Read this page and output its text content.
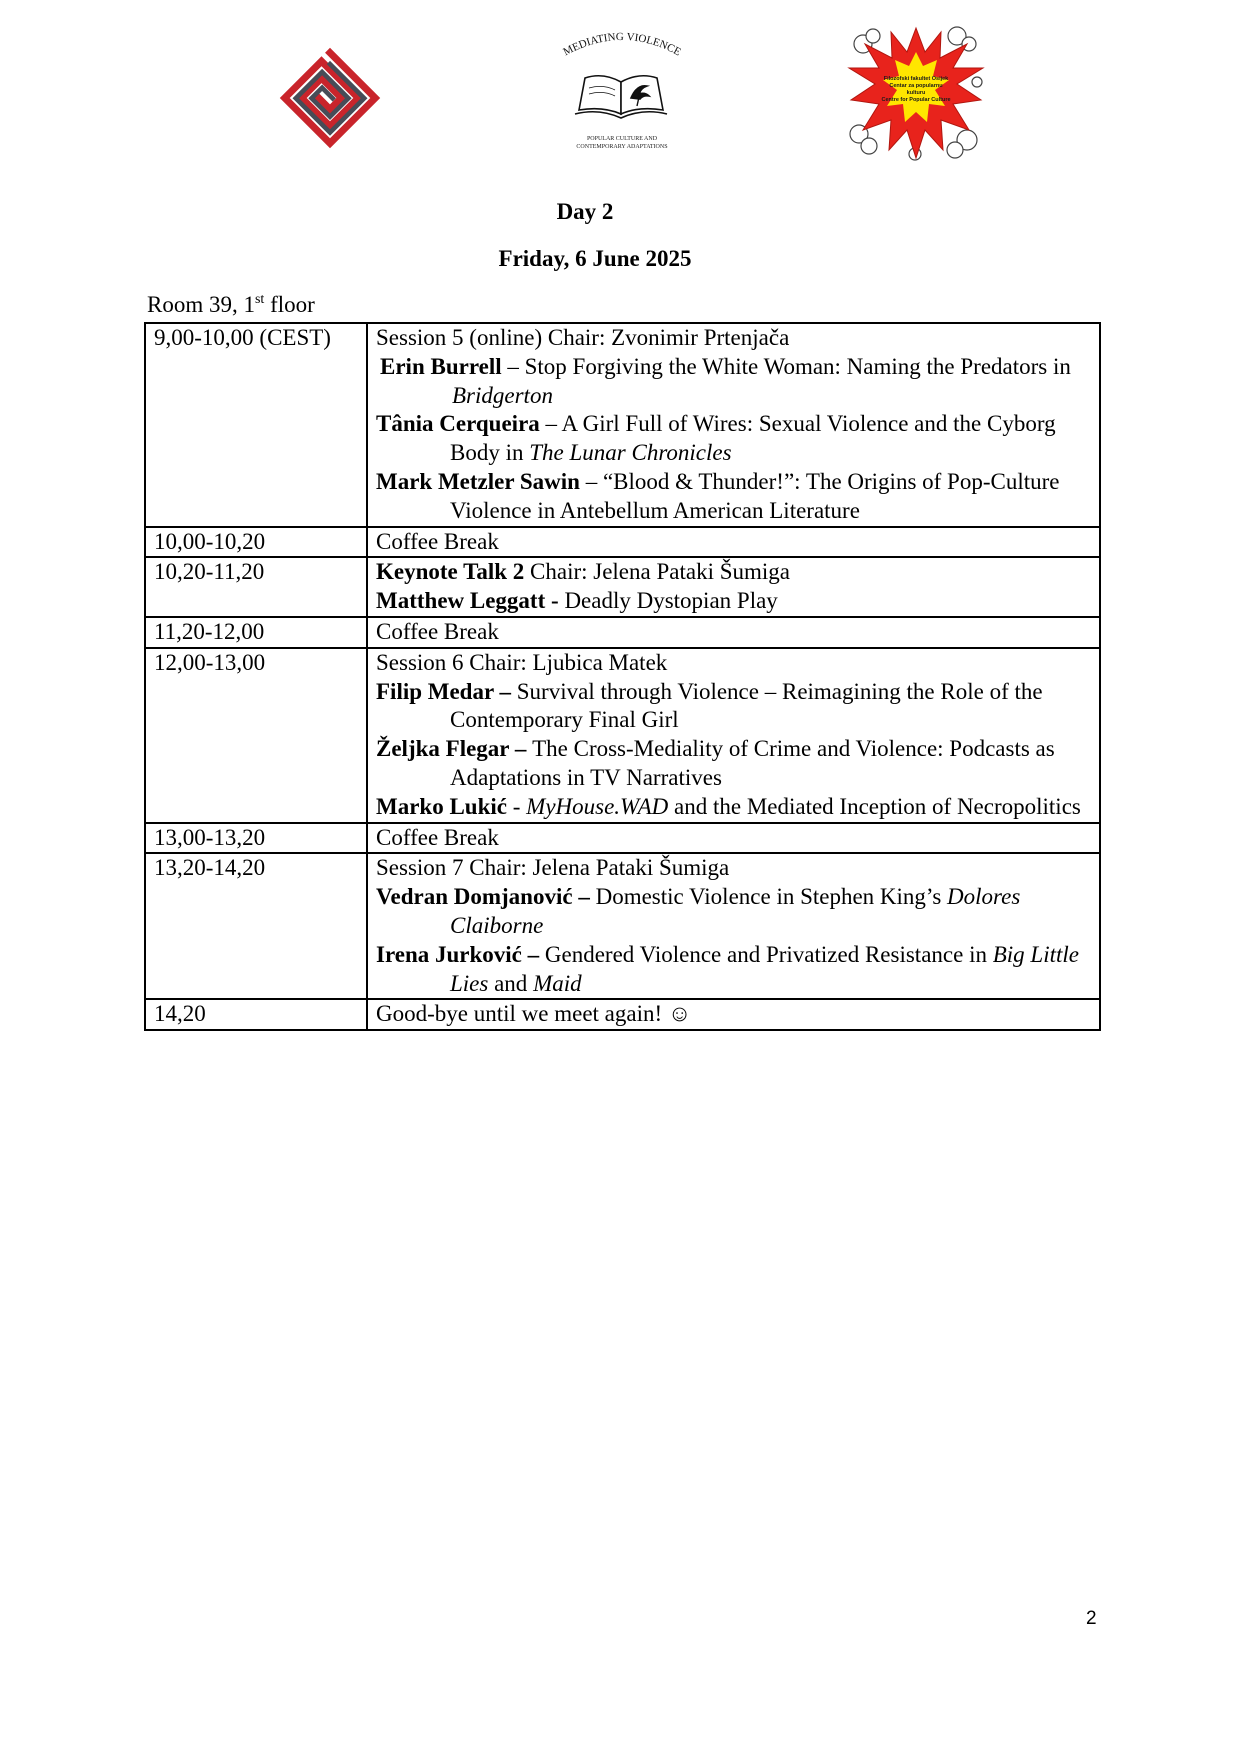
MEDIATING VIOLENCE
POPULAR CULTURE AND
CONTEMPORARY ADAPTATIONS
Filozofski fakultet Osijek
Centar za popularnu
kulturu
Centre for Popular Culture
Day 2
Friday, 6 June 2025
Room 39, 1st floor
9,00-10,00 (CEST)	Session 5 (online) Chair: Zvonimir Prtenjača
Erin Burrell – Stop Forgiving the White Woman: Naming the Predators in Bridgerton
Tânia Cerqueira – A Girl Full of Wires: Sexual Violence and the Cyborg Body in The Lunar Chronicles
Mark Metzler Sawin – “Blood & Thunder!”: The Origins of Pop-Culture Violence in Antebellum American Literature

10,00-10,20	Coffee Break
10,20-11,20	Keynote Talk 2 Chair: Jelena Pataki Šumiga
Matthew Leggatt - Deadly Dystopian Play

11,20-12,00	Coffee Break
12,00-13,00	Session 6 Chair: Ljubica Matek
Filip Medar – Survival through Violence – Reimagining the Role of the Contemporary Final Girl
Željka Flegar – The Cross-Mediality of Crime and Violence: Podcasts as Adaptations in TV Narratives
Marko Lukić - MyHouse.WAD and the Mediated Inception of Necropolitics

13,00-13,20	Coffee Break
13,20-14,20	Session 7 Chair: Jelena Pataki Šumiga
Vedran Domjanović – Domestic Violence in Stephen King’s Dolores Claiborne
Irena Jurković – Gendered Violence and Privatized Resistance in Big Little Lies and Maid

14,20	Good-bye until we meet again! ☺
2
